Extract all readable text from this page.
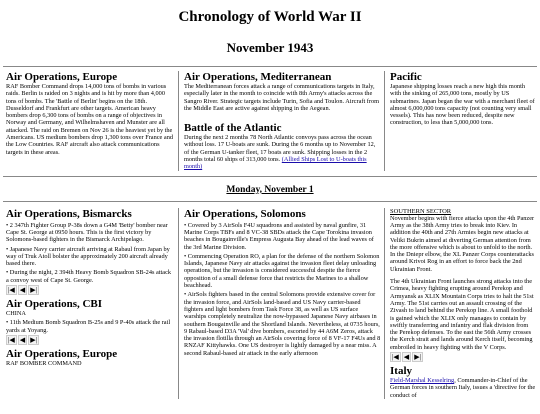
Chronology of World War II
November 1943
Air Operations, Europe

RAF Bomber Command drops 14,000 tons of bombs in various raids. Berlin is raided on 3 nights and is hit by more than 4,000 tons of bombs. The 'Battle of Berlin' begins on the 18th. Dusseldorf and Frankfurt are other targets. American heavy bombers drop 6,300 tons of bombs on a range of objectives in Norway and Germany, and Wilhelmshaven and Munster are all attacked. The raid on Bremen on Nov 26 is the heaviest yet by the Americans. US medium bombers drop 1,300 tons over France and the Low Countries. RAF aircraft also attack communications targets in these areas.

Air Operations, Mediterranean

The Mediterranean forces attack a range of communications targets in Italy, especially later in the month to coincide with 8th Army's attacks across the Sangro River. Strategic targets include Turin, Sofia and Toulon. Aircraft from the Middle East are active against shipping in the Aegean.

Battle of the Atlantic

During the next 2 months 78 North Atlantic convoys pass across the ocean without loss. 17 U-boats are sunk. During the 6 months up to November 12, of the German U-tanker fleet, 17 boats are sunk. Shipping losses in the 2 months total 60 ships of 313,000 tons. (Allied Ships Lost to U-boats this month)

Pacific

Japanese shipping losses reach a new high this month with the sinking of 265,000 tons, mostly by US submarines. Japan began the war with a merchant fleet of almost 6,000,000 tons capacity (not counting very small vessels). This has now been reduced, despite new construction, to less than 5,000,000 tons.

Monday, November 1
Air Operations, Bismarcks
• 2 347th Fighter Group P-38s down a G4M 'Betty' bomber near Cape St. George at 0950 hours. This is the first victory by Solomons-based fighters in the Bismarck Archipelago.
• Japanese Navy carrier aircraft arriving at Rabaul from Japan by way of Truk Atoll bolster the approximately 200 aircraft already based there.
• During the night, 2 394th Heavy Bomb Squadron SB-24s attack a convoy west of Cape St. George.
|◀ ◀ ▶|
Air Operations, CBI
CHINA
• 11th Medium Bomb Squadron B-25s and 9 P-40s attack the rail yards at Yoyang.
|◀ ◀ ▶|
Air Operations, Europe
RAF BOMBER COMMAND
Air Operations, Solomons
• Covered by 3 AirSols F4U squadrons and assisted by naval gunfire, 31 Marine Corps TBFs and 8 VC-38 SBDs attack the Cape Torokina invasion beaches in Bougainville's Empress Augusta Bay ahead of the lead waves of the 3rd Marine Division.
• Commencing Operation RO, a plan for the defense of the northern Solomon Islands, Japanese Navy air attacks against the invasion fleet delay unloading operations, but the invasion is considered successful despite the fierce opposition of a small defense force that restricts the Marines to a shallow beachhead.
• AirSols fighters based in the central Solomons provide extensive cover for the invasion force, and AirSols land-based and US Navy carrier-based fighters and light bombers from Task Force 38, as well as US surface warships completely neutralize the now-bypassed Japanese Navy airbases in southern Bougainville and the Shortland Islands. Nevertheless, at 0735 hours, 9 Rabaul-based D3A 'Val' dive bombers, escorted by 44 A6M Zeros, attack the invasion flotilla through an AirSols covering force of 8 VF-17 F4Us and 8 RNZAF Kittyhawks. One US destroyer is lightly damaged by a near miss. A second Rabaul-based air attack in the early afternoon
SOUTHERN SECTOR

November begins with fierce attacks upon the 4th Panzer Army as the 38th Army tries to break into Kiev. In addition the 40th and 27th Armies begin new attacks at Veliki Bukrin aimed at diverting German attention from the more offensive which is about to unfold to the north. In the Dniepr elbow, the XL Panzer Corps counterattacks around Krivoi Rog in an effort to force back the 2nd Ukrainian Front.

The 4th Ukrainian Front launches strong attacks into the Crimea, heavy fighting erupting around Perekop and Armyansk as XLIX Mountain Corps tries to halt the 51st Army. The 51st carries out an assault crossing of the Zivash to land behind the Perekop line. A small foothold is gained which the XLIX only manages to contain by swiftly transferring and infantry and flak division from the Perekop defenses. To the east the 56th Army crosses the Kerch strait and lands around Kerch itself, becoming embroiled in heavy fighting with the V Corps.

|◀ ◀ ▶|
Italy

Field-Marshal Kesselring, Commander-in-Chief of the German forces in southern Italy, issues a 'directive for the conduct of
